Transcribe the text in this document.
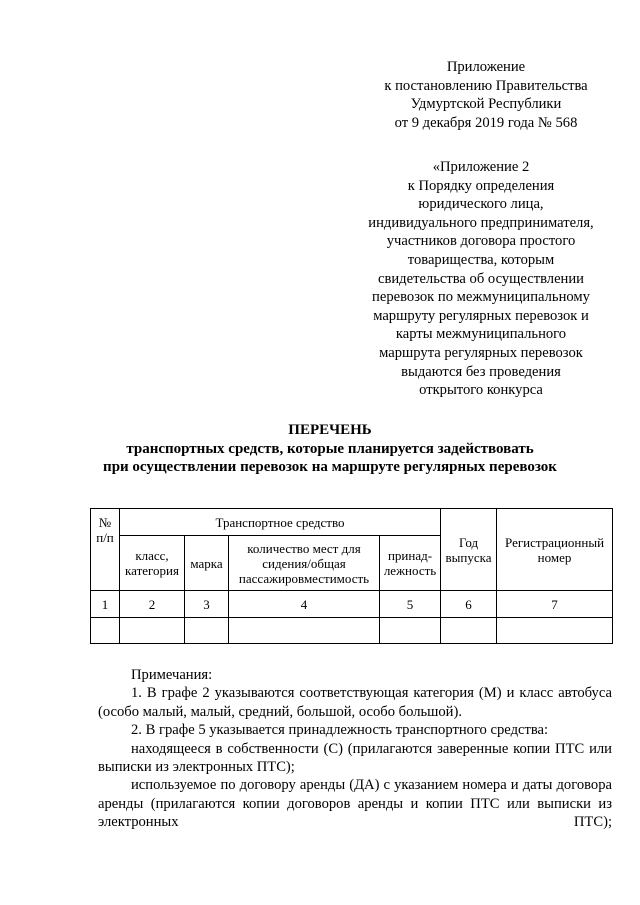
Приложение
к постановлению Правительства
Удмуртской Республики
от 9 декабря 2019 года № 568
«Приложение 2
к Порядку определения
юридического лица,
индивидуального предпринимателя,
участников договора простого
товарищества, которым
свидетельства об осуществлении
перевозок по межмуниципальному
маршруту регулярных перевозок и
карты межмуниципального
маршрута регулярных перевозок
выдаются без проведения
открытого конкурса
ПЕРЕЧЕНЬ
транспортных средств, которые планируется задействовать
при осуществлении перевозок на маршруте регулярных перевозок
№ п/п	Транспортное средство				Год выпуска	Регистрационный номер
	класс, категория	марка	количество мест для сидения/общая пассажировместимость	принад-лежность		
1	2	3	4	5	6	7

Примечания:

1. В графе 2 указываются соответствующая категория (М) и класс автобуса (особо малый, малый, средний, большой, особо большой).

2. В графе 5 указывается принадлежность транспортного средства:

находящееся в собственности (С) (прилагаются заверенные копии ПТС или выписки из электронных ПТС);

используемое по договору аренды (ДА) с указанием номера и даты договора аренды (прилагаются копии договоров аренды и копии ПТС или выписки из электронных ПТС);
